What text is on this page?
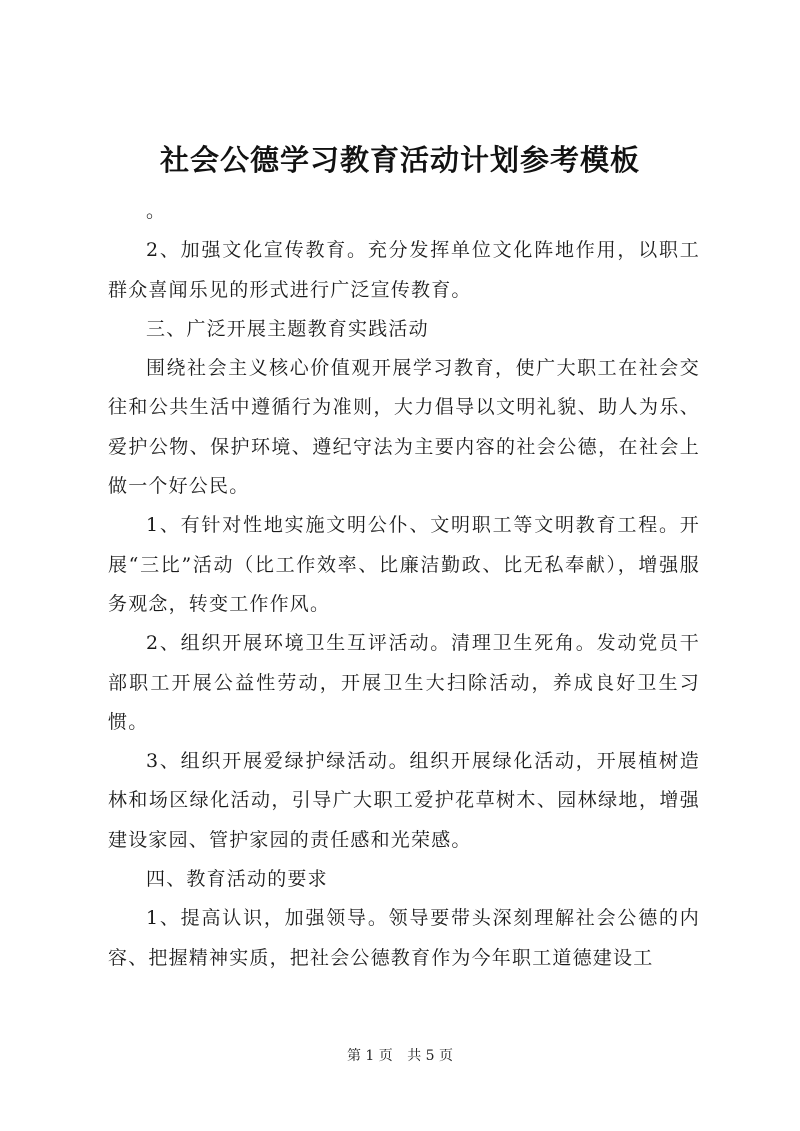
社会公德学习教育活动计划参考模板

。

2、加强文化宣传教育。充分发挥单位文化阵地作用，以职工群众喜闻乐见的形式进行广泛宣传教育。

三、广泛开展主题教育实践活动

围绕社会主义核心价值观开展学习教育，使广大职工在社会交往和公共生活中遵循行为准则，大力倡导以文明礼貌、助人为乐、爱护公物、保护环境、遵纪守法为主要内容的社会公德，在社会上做一个好公民。

1、有针对性地实施文明公仆、文明职工等文明教育工程。开展“三比”活动（比工作效率、比廉洁勤政、比无私奉献），增强服务观念，转变工作作风。

2、组织开展环境卫生互评活动。清理卫生死角。发动党员干部职工开展公益性劳动，开展卫生大扫除活动，养成良好卫生习惯。

3、组织开展爱绿护绿活动。组织开展绿化活动，开展植树造林和场区绿化活动，引导广大职工爱护花草树木、园林绿地，增强建设家园、管护家园的责任感和光荣感。

四、教育活动的要求

1、提高认识，加强领导。领导要带头深刻理解社会公德的内容、把握精神实质，把社会公德教育作为今年职工道德建设工

第 1 页 共 5 页
